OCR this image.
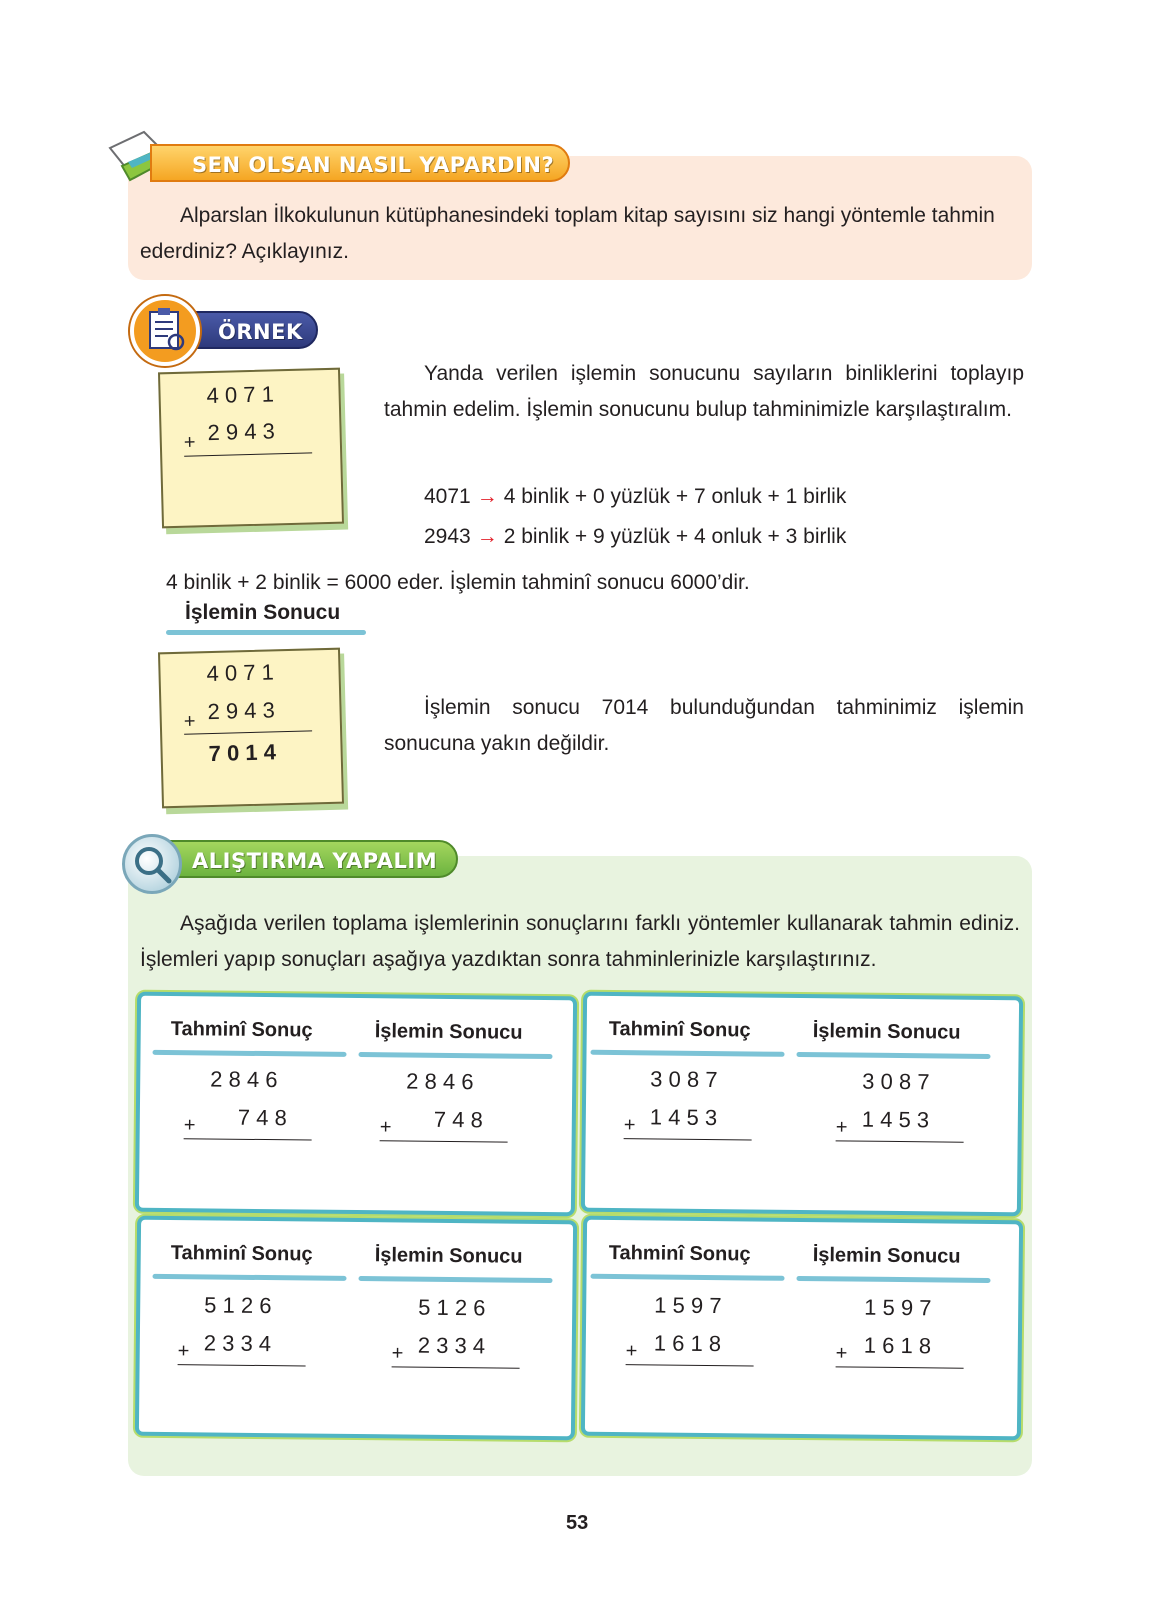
SEN OLSAN NASIL YAPARDIN?

Alparslan İlkokulunun kütüphanesindeki toplam kitap sayısını siz hangi yöntemle tahmin ederdiniz? Açıklayınız.

ÖRNEK
4 0 7 1
2 9 4 3
+

Yanda verilen işlemin sonucunu sayıların binliklerini toplayıp tahmin edelim. İşlemin sonucunu bulup tahminimizle karşılaştıralım.

4071 → 4 binlik + 0 yüzlük + 7 onluk + 1 birlik
2943 → 2 binlik + 9 yüzlük + 4 onluk + 3 birlik
4 binlik + 2 binlik = 6000 eder. İşlemin tahminî sonucu 6000’dir.
İşlemin Sonucu
4 0 7 1
2 9 4 3
+
7 0 1 4

İşlemin sonucu 7014 bulunduğundan tahminimiz işlemin sonucuna yakın değildir.

ALIŞTIRMA YAPALIM

Aşağıda verilen toplama işlemlerinin sonuçlarını farklı yöntemler kullanarak tahmin ediniz. İşlemleri yapıp sonuçları aşağıya yazdıktan sonra tahminlerinizle karşılaştırınız.

Tahminî Sonuç	İşlemin Sonucu
2 8 4 6
7 4 8
+
2 8 4 6
7 4 8
+
Tahminî Sonuç	İşlemin Sonucu
3 0 8 7
1 4 5 3
+
3 0 8 7
1 4 5 3
+
Tahminî Sonuç	İşlemin Sonucu
5 1 2 6
2 3 3 4
+
5 1 2 6
2 3 3 4
+
Tahminî Sonuç	İşlemin Sonucu
1 5 9 7
1 6 1 8
+
1 5 9 7
1 6 1 8
+
53
